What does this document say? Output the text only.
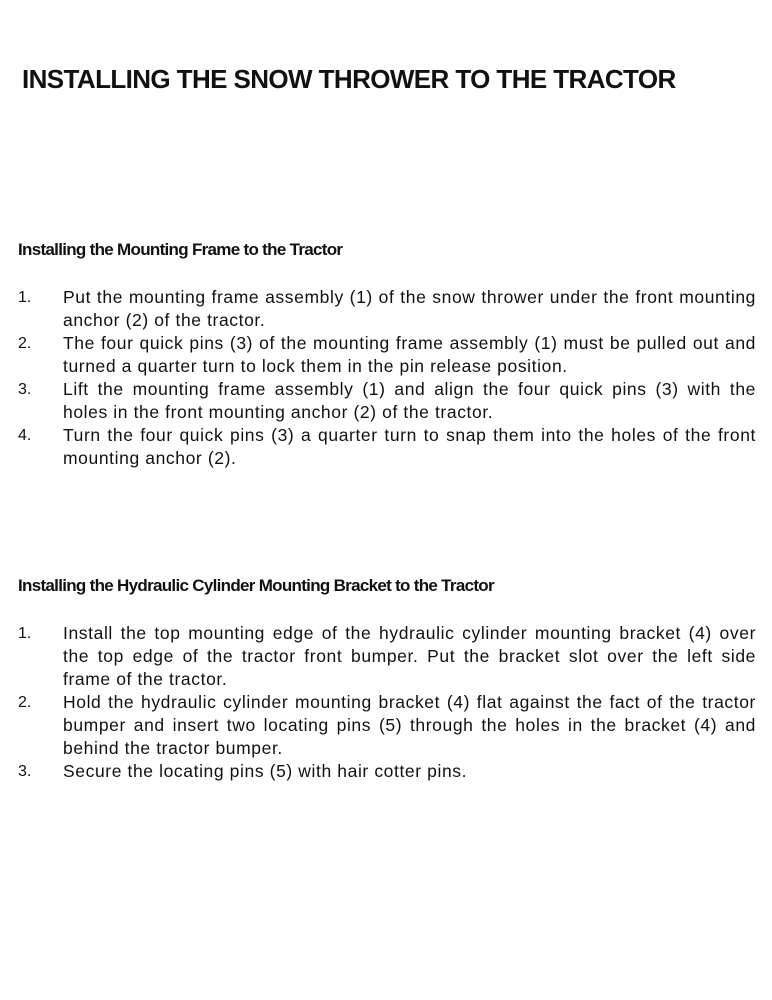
INSTALLING THE SNOW THROWER TO THE TRACTOR
Installing the Mounting Frame to the Tractor
1.	Put the mounting frame assembly (1) of the snow thrower under the front mounting anchor (2) of the tractor.
2.	The four quick pins (3) of the mounting frame assembly (1) must be pulled out and turned a quarter turn to lock them in the pin release position.
3.	Lift the mounting frame assembly (1) and align the four quick pins (3) with the holes in the front mounting anchor (2) of the tractor.
4.	Turn the four quick pins (3) a quarter turn to snap them into the holes of the front mounting anchor (2).
Installing the Hydraulic Cylinder Mounting Bracket to the Tractor
1.	Install the top mounting edge of the hydraulic cylinder mounting bracket (4) over the top edge of the tractor front bumper. Put the bracket slot over the left side frame of the tractor.
2.	Hold the hydraulic cylinder mounting bracket (4) flat against the fact of the tractor bumper and insert two locating pins (5) through the holes in the bracket (4) and behind the tractor bumper.
3.	Secure the locating pins (5) with hair cotter pins.
